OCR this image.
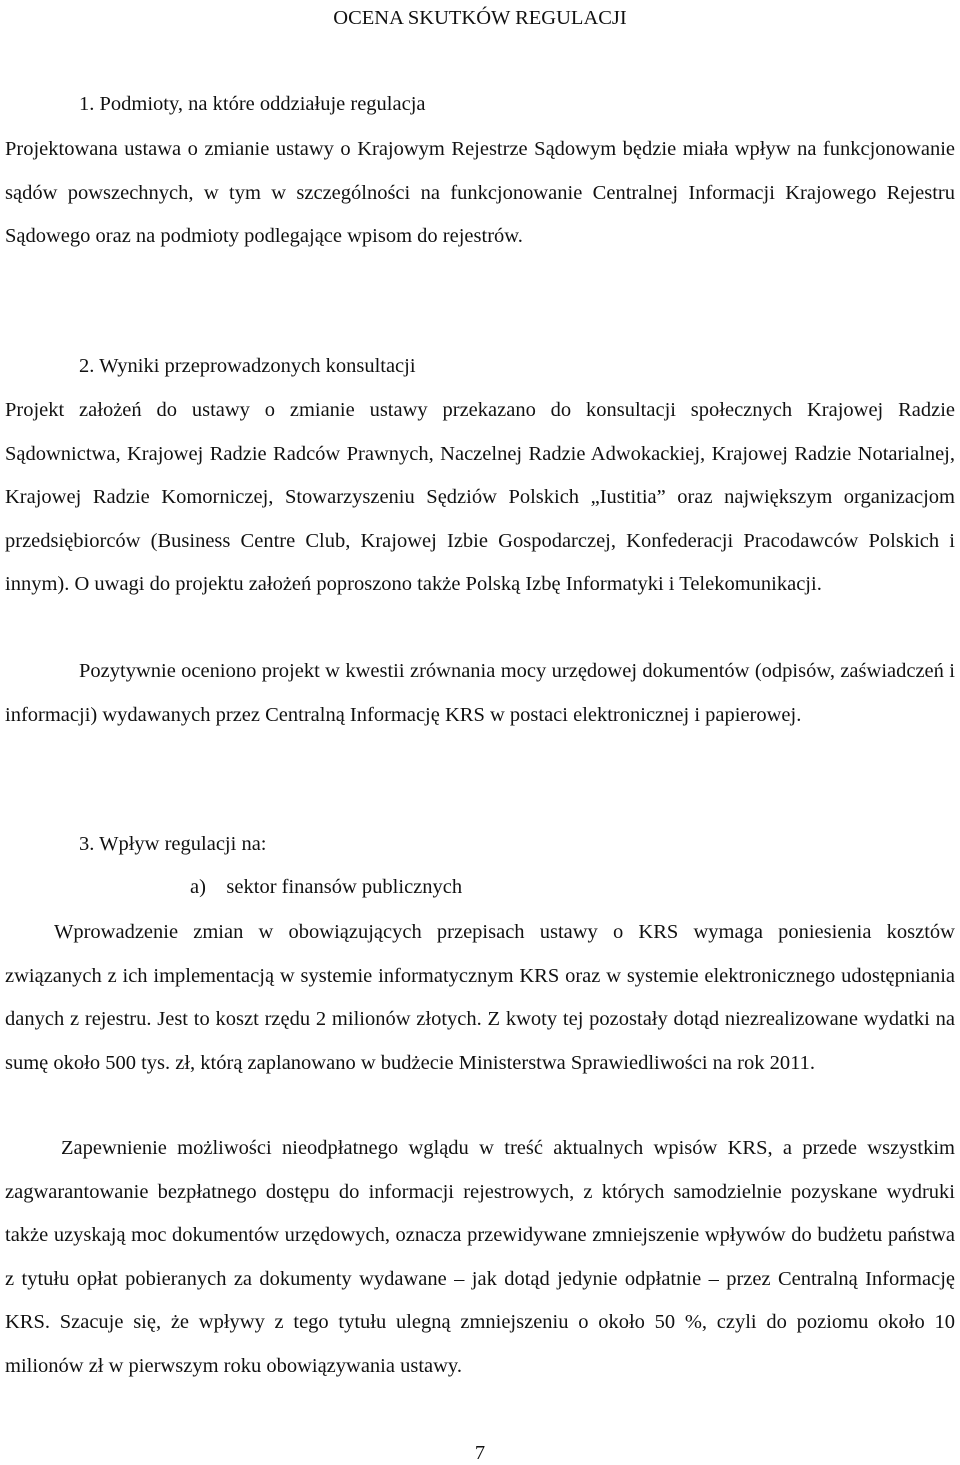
OCENA SKUTKÓW REGULACJI
1. Podmioty, na które oddziałuje regulacja

Projektowana ustawa o zmianie ustawy o Krajowym Rejestrze Sądowym będzie miała wpływ na funkcjonowanie sądów powszechnych, w tym w szczególności na funkcjonowanie Centralnej Informacji Krajowego Rejestru Sądowego oraz na podmioty podlegające wpisom do rejestrów.

2. Wyniki przeprowadzonych konsultacji

Projekt założeń do ustawy o zmianie ustawy przekazano do konsultacji społecznych Krajowej Radzie Sądownictwa, Krajowej Radzie Radców Prawnych, Naczelnej Radzie Adwokackiej, Krajowej Radzie Notarialnej, Krajowej Radzie Komorniczej, Stowarzyszeniu Sędziów Polskich „Iustitia” oraz największym organizacjom przedsiębiorców (Business Centre Club, Krajowej Izbie Gospodarczej, Konfederacji Pracodawców Polskich i innym). O uwagi do projektu założeń poproszono także Polską Izbę Informatyki i Telekomunikacji.

Pozytywnie oceniono projekt w kwestii zrównania mocy urzędowej dokumentów (odpisów, zaświadczeń i informacji) wydawanych przez Centralną Informację KRS w postaci elektronicznej i papierowej.

3. Wpływ regulacji na:
a) sektor finansów publicznych

Wprowadzenie zmian w obowiązujących przepisach ustawy o KRS wymaga poniesienia kosztów związanych z ich implementacją w systemie informatycznym KRS oraz w systemie elektronicznego udostępniania danych z rejestru. Jest to koszt rzędu 2 milionów złotych. Z kwoty tej pozostały dotąd niezrealizowane wydatki na sumę około 500 tys. zł, którą zaplanowano w budżecie Ministerstwa Sprawiedliwości na rok 2011.

Zapewnienie możliwości nieodpłatnego wglądu w treść aktualnych wpisów KRS, a przede wszystkim zagwarantowanie bezpłatnego dostępu do informacji rejestrowych, z których samodzielnie pozyskane wydruki także uzyskają moc dokumentów urzędowych, oznacza przewidywane zmniejszenie wpływów do budżetu państwa z tytułu opłat pobieranych za dokumenty wydawane – jak dotąd jedynie odpłatnie – przez Centralną Informację KRS. Szacuje się, że wpływy z tego tytułu ulegną zmniejszeniu o około 50 %, czyli do poziomu około 10 milionów zł w pierwszym roku obowiązywania ustawy.

7
